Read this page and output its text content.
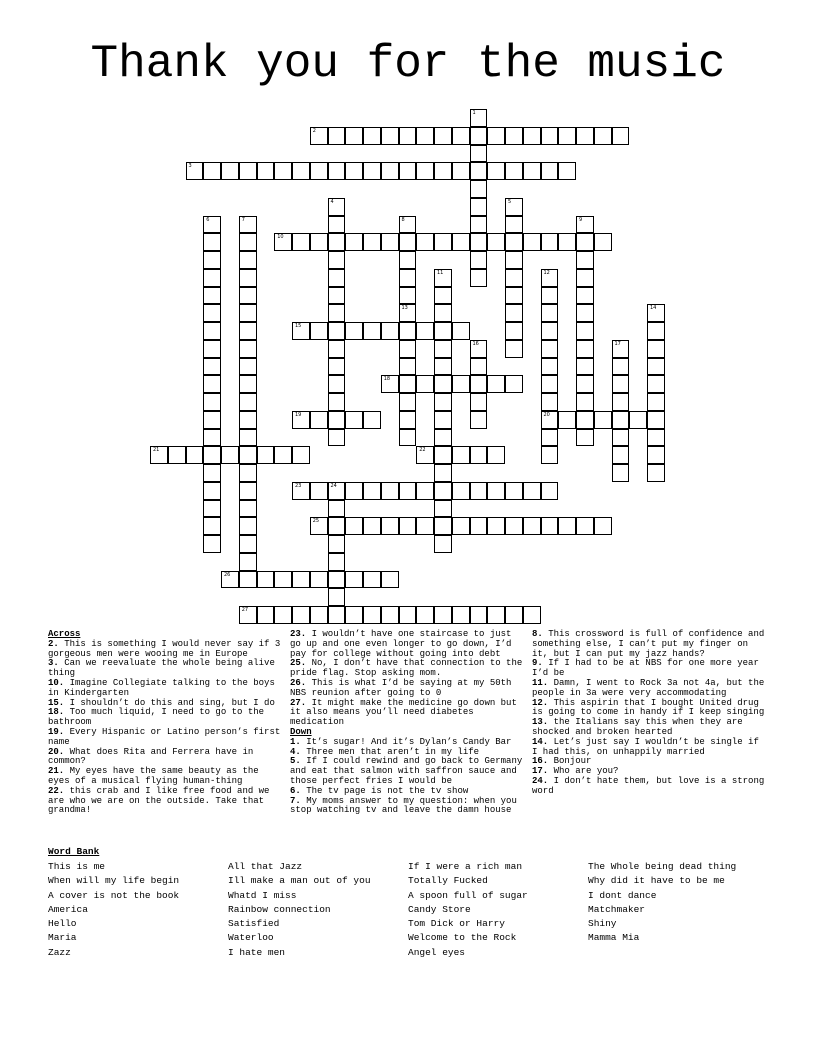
Thank you for the music
1
2
3
4	5
6	7	8	9
10
11	12
20
13	14
15
16	17
18
19
21	22
23	24
25
26
27
Across
2. This is something I would never say if 3 gorgeous men were wooing me in Europe
3. Can we reevaluate the whole being alive thing
10. Imagine Collegiate talking to the boys in Kindergarten
15. I shouldn’t do this and sing, but I do
18. Too much liquid, I need to go to the bathroom
19. Every Hispanic or Latino person’s first name
20. What does Rita and Ferrera have in common?
21. My eyes have the same beauty as the eyes of a musical flying human-thing
22. this crab and I like free food and we are who we are on the outside. Take that grandma!
23. I wouldn’t have one staircase to just go up and one even longer to go down, I’d pay for college without going into debt
25. No, I don’t have that connection to the pride flag. Stop asking mom.
26. This is what I’d be saying at my 50th NBS reunion after going to 0
27. It might make the medicine go down but it also means you’ll need diabetes medication
Down
1. It’s sugar! And it’s Dylan’s Candy Bar
4. Three men that aren’t in my life
5. If I could rewind and go back to Germany and eat that salmon with saffron sauce and those perfect fries I would be
6. The tv page is not the tv show
7. My moms answer to my question: when you stop watching tv and leave the damn house
8. This crossword is full of confidence and something else, I can’t put my finger on it, but I can put my jazz hands?
9. If I had to be at NBS for one more year I’d be
11. Damn, I went to Rock 3a not 4a, but the people in 3a were very accommodating
12. This aspirin that I bought United drug is going to come in handy if I keep singing
13. the Italians say this when they are shocked and broken hearted
14. Let’s just say I wouldn’t be single if I had this, on unhappily married
16. Bonjour
17. Who are you?
24. I don’t hate them, but love is a strong word
Word Bank
This is me
When will my life begin
A cover is not the book
America
Hello
Maria
Zazz
All that Jazz
Ill make a man out of you
Whatd I miss
Rainbow connection
Satisfied
Waterloo
I hate men
If I were a rich man
Totally Fucked
A spoon full of sugar
Candy Store
Tom Dick or Harry
Welcome to the Rock
Angel eyes
The Whole being dead thing
Why did it have to be me
I dont dance
Matchmaker
Shiny
Mamma Mia
